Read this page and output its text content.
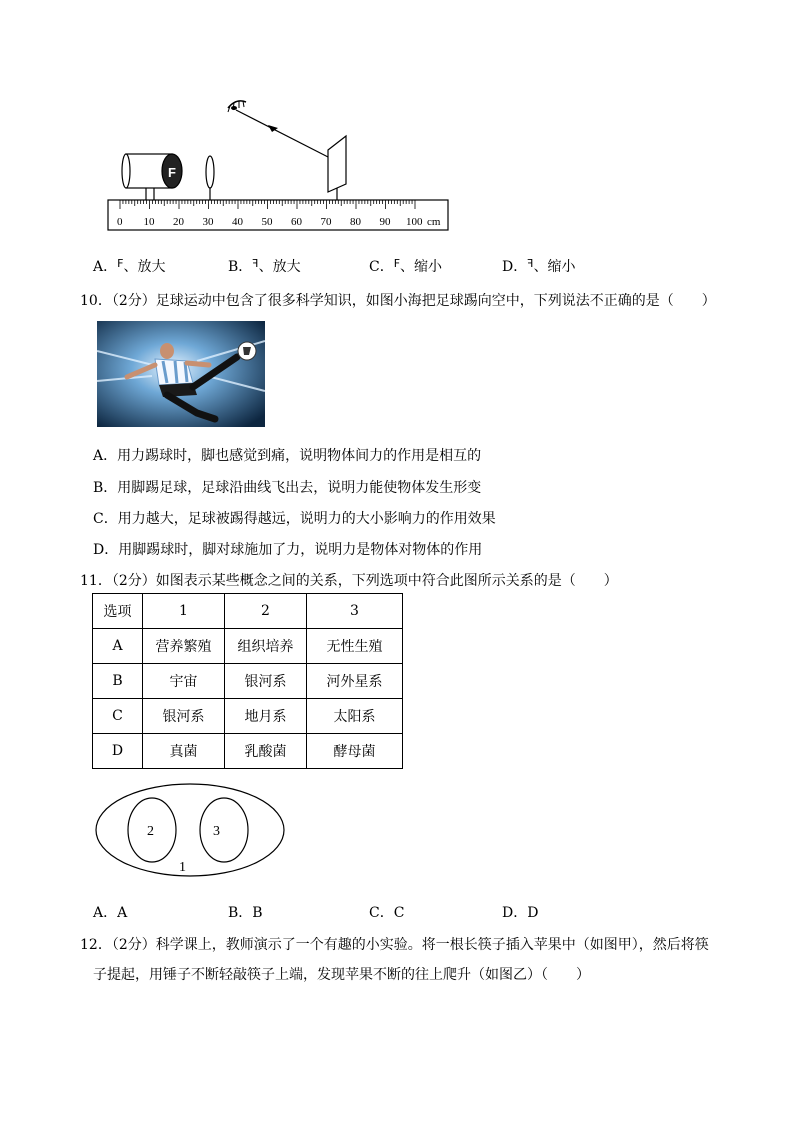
F
0 10 20 30 40 50 60 70 80 90 100 cm
A．$^F$、放大	B．F、放大	C．$^F$、缩小	D．F、缩小
10．（2分）足球运动中包含了很多科学知识，如图小海把足球踢向空中，下列说法不正确的是（　　）
A．用力踢球时，脚也感觉到痛，说明物体间力的作用是相互的
B．用脚踢足球，足球沿曲线飞出去，说明力能使物体发生形变
C．用力越大，足球被踢得越远，说明力的大小影响力的作用效果
D．用脚踢球时，脚对球施加了力，说明力是物体对物体的作用
11．（2分）如图表示某些概念之间的关系，下列选项中符合此图所示关系的是（　　）
选项	1	2	3
A	营养繁殖	组织培养	无性生殖
B	宇宙	银河系	河外星系
C	银河系	地月系	太阳系
D	真菌	乳酸菌	酵母菌
2	3
1
A．A	B．B	C．C	D．D
12．（2分）科学课上，教师演示了一个有趣的小实验。将一根长筷子插入苹果中（如图甲），然后将筷
子提起，用锤子不断轻敲筷子上端，发现苹果不断的往上爬升（如图乙）（　　）
